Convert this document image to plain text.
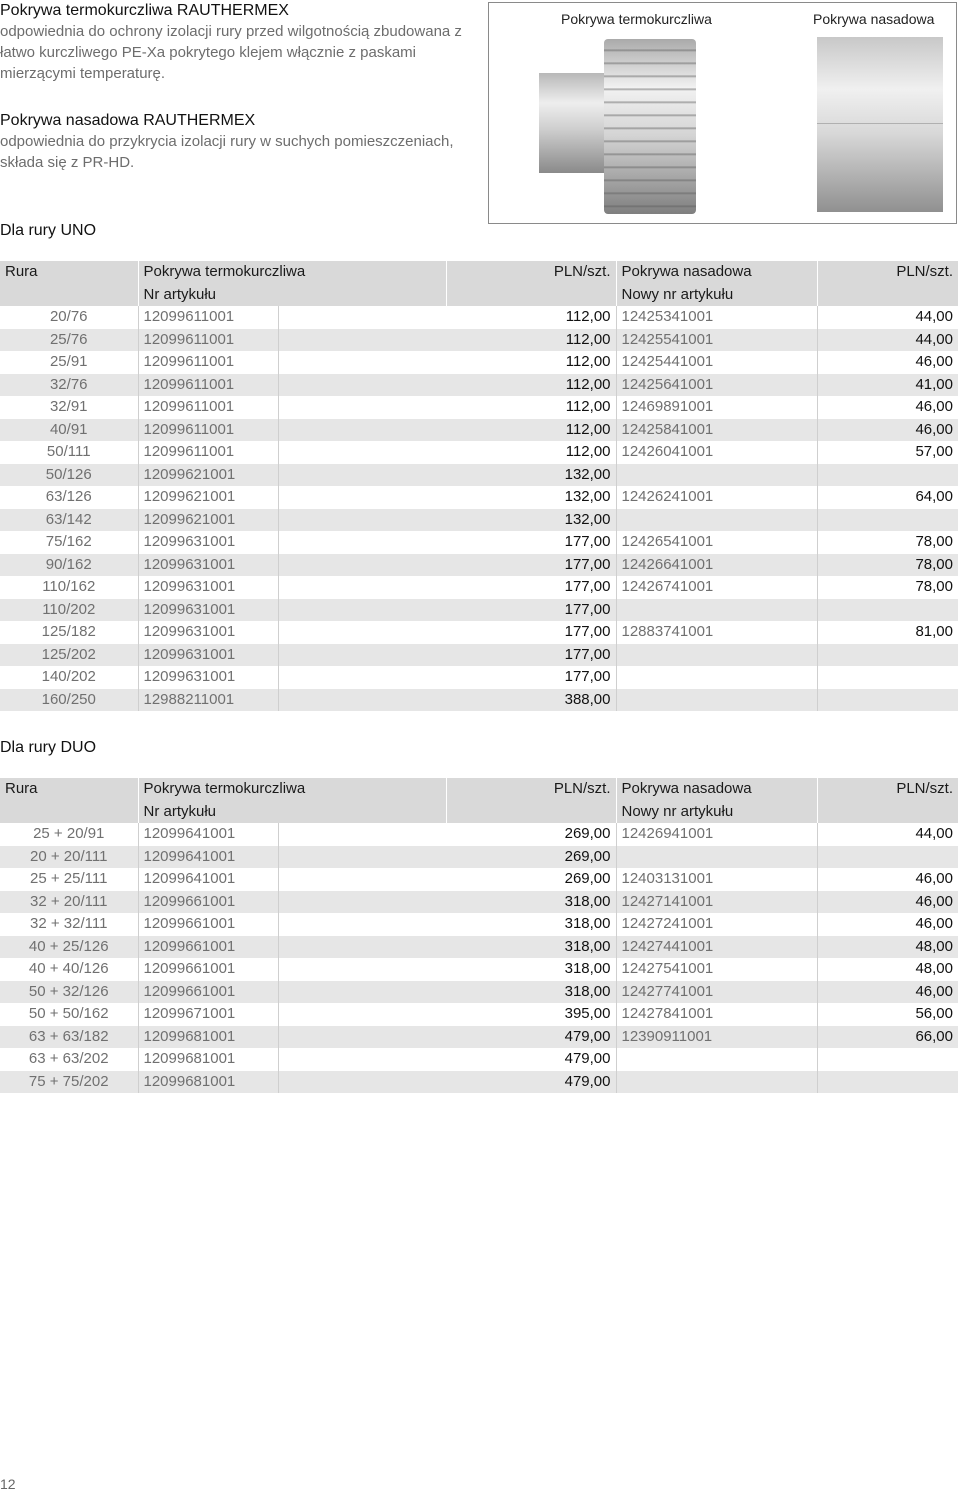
Pokrywa termokurczliwa RAUTHERMEX
odpowiednia do ochrony izolacji rury przed wilgotnością zbudowana z łatwo kurczliwego PE-Xa pokrytego klejem włącznie z paskami mierzącymi temperaturę.
Pokrywa nasadowa RAUTHERMEX
odpowiednia do przykrycia izolacji rury w suchych pomieszczeniach, składa się z PR-HD.
Pokrywa termokurczliwa	Pokrywa nasadowa
Dla rury UNO
Rura	Pokrywa termokurczliwa		PLN/szt.	Pokrywa nasadowa	PLN/szt.
	Nr artykułu			Nowy nr artykułu	
20/76	12099611001	112,00		12425341001	44,00
25/76	12099611001	112,00		12425541001	44,00
25/91	12099611001	112,00		12425441001	46,00
32/76	12099611001	112,00		12425641001	41,00
32/91	12099611001	112,00		12469891001	46,00
40/91	12099611001	112,00		12425841001	46,00
50/111	12099611001	112,00		12426041001	57,00
50/126	12099621001	132,00			
63/126	12099621001	132,00		12426241001	64,00
63/142	12099621001	132,00			
75/162	12099631001	177,00		12426541001	78,00
90/162	12099631001	177,00		12426641001	78,00
110/162	12099631001	177,00		12426741001	78,00
110/202	12099631001	177,00			
125/182	12099631001	177,00		12883741001	81,00
125/202	12099631001	177,00			
140/202	12099631001	177,00			
160/250	12988211001	388,00			
Dla rury DUO
Rura	Pokrywa termokurczliwa		PLN/szt.	Pokrywa nasadowa	PLN/szt.
	Nr artykułu			Nowy nr artykułu	
25 + 20/91	12099641001	269,00		12426941001	44,00
20 + 20/111	12099641001	269,00			
25 + 25/111	12099641001	269,00		12403131001	46,00
32 + 20/111	12099661001	318,00		12427141001	46,00
32 + 32/111	12099661001	318,00		12427241001	46,00
40 + 25/126	12099661001	318,00		12427441001	48,00
40 + 40/126	12099661001	318,00		12427541001	48,00
50 + 32/126	12099661001	318,00		12427741001	46,00
50 + 50/162	12099671001	395,00		12427841001	56,00
63 + 63/182	12099681001	479,00		12390911001	66,00
63 + 63/202	12099681001	479,00			
75 + 75/202	12099681001	479,00			
12
